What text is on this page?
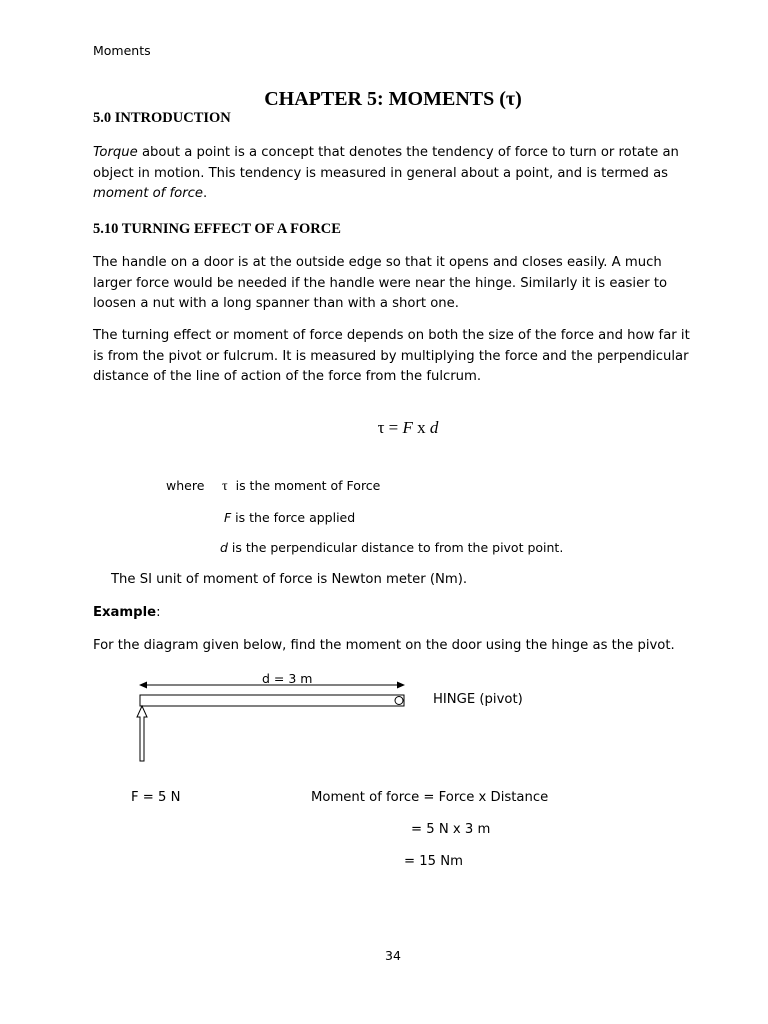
Moments
CHAPTER 5: MOMENTS (τ)
5.0 INTRODUCTION
Torque about a point is a concept that denotes the tendency of force to turn or rotate an object in motion. This tendency is measured in general about a point, and is termed as moment of force.
5.10 TURNING EFFECT OF A FORCE
The handle on a door is at the outside edge so that it opens and closes easily. A much larger force would be needed if the handle were near the hinge. Similarly it is easier to loosen a nut with a long spanner than with a short one.
The turning effect or moment of force depends on both the size of the force and how far it is from the pivot or fulcrum. It is measured by multiplying the force and the perpendicular distance of the line of action of the force from the fulcrum.
τ = F x d
where τ is the moment of Force
F is the force applied
d is the perpendicular distance to from the pivot point.
The SI unit of moment of force is Newton meter (Nm).
Example:
For the diagram given below, find the moment on the door using the hinge as the pivot.
d = 3 m
HINGE (pivot)
F = 5 N	Moment of force = Force x Distance
= 5 N x 3 m
= 15 Nm
34
